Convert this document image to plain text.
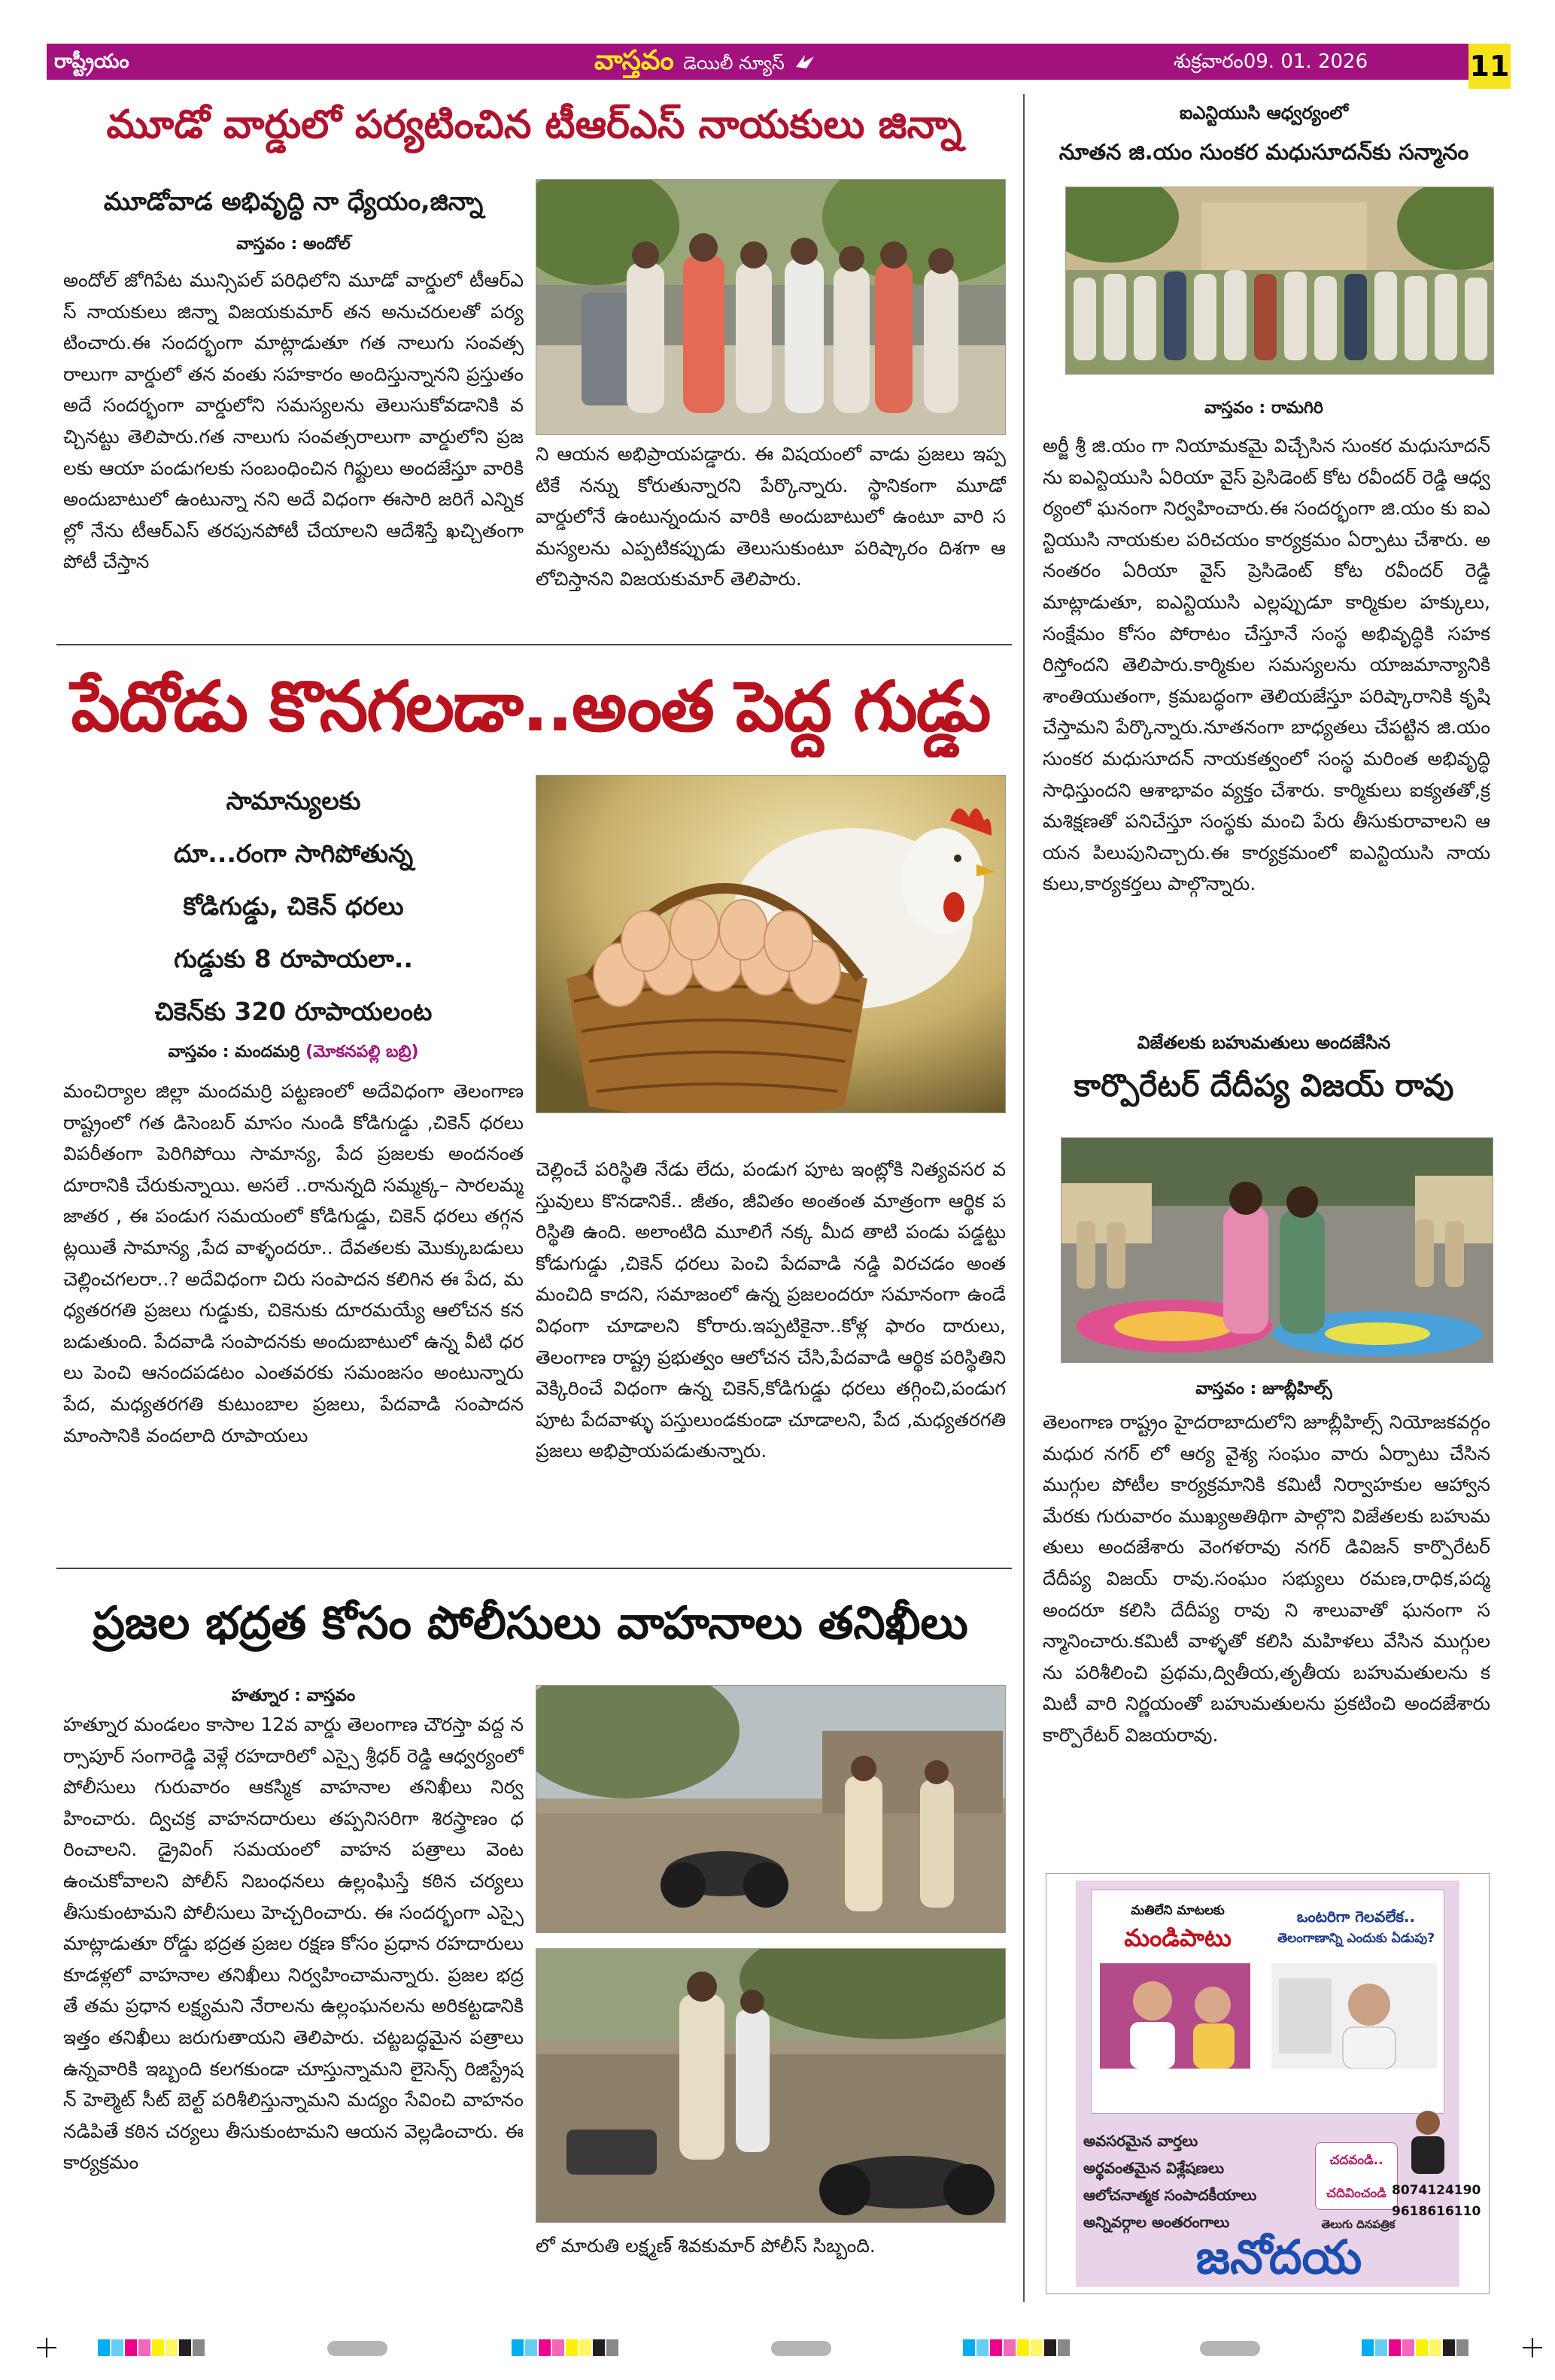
రాష్ట్రీయం	వాస్తవం డెయిలీ న్యూస్	శుక్రవారం09. 01. 2026	11
మూడో వార్డులో పర్యటించిన టీఆర్ఎస్ నాయకులు జిన్నా
మూడోవాడ అభివృద్ధి నా ధ్యేయం,జిన్నా
వాస్తవం : అందోల్
అందోల్ జోగిపేట మున్సిపల్ పరిధిలోని మూడో వార్డులో టీఆర్ఎస్ నాయకులు జిన్నా విజయకుమార్ తన అనుచరులతో పర్యటించారు.ఈ సందర్భంగా మాట్లాడుతూ గత నాలుగు సంవత్సరాలుగా వార్డులో తన వంతు సహకారం అందిస్తున్నానని ప్రస్తుతం అదే సందర్భంగా వార్డులోని సమస్యలను తెలుసుకోవడానికి వచ్చినట్టు తెలిపారు.గత నాలుగు సంవత్సరాలుగా వార్డులోని ప్రజలకు ఆయా పండుగలకు సంబంధించిన గిఫ్టులు అందజేస్తూ వారికి అందుబాటులో ఉంటున్నా నని అదే విధంగా ఈసారి జరిగే ఎన్నికల్లో నేను టీఆర్ఎస్ తరపునపోటీ చేయాలని ఆదేశిస్తే ఖచ్చితంగా పోటీ చేస్తాన
ని ఆయన అభిప్రాయపడ్డారు. ఈ విషయంలో వాడు ప్రజలు ఇప్పటికే నన్ను కోరుతున్నారని పేర్కొన్నారు. స్థానికంగా మూడో వార్డులోనే ఉంటున్నందున వారికి అందుబాటులో ఉంటూ వారి సమస్యలను ఎప్పటికప్పుడు తెలుసుకుంటూ పరిష్కారం దిశగా ఆలోచిస్తానని విజయకుమార్ తెలిపారు.
పేదోడు కొనగలడా..అంత పెద్ద గుడ్డు
సామాన్యులకు
దూ...రంగా సాగిపోతున్న
కోడిగుడ్డు, చికెన్ ధరలు
గుడ్డుకు 8 రూపాయలా..
చికెన్‌కు 320 రూపాయలంట
వాస్తవం : మందమర్రి (మోకనపల్లి బబ్రి)
మంచిర్యాల జిల్లా మందమర్రి పట్టణంలో అదేవిధంగా తెలంగాణ రాష్ట్రంలో గత డిసెంబర్ మాసం నుండి కోడిగుడ్డు ,చికెన్ ధరలు విపరీతంగా పెరిగిపోయి సామాన్య, పేద ప్రజలకు అందనంత దూరానికి చేరుకున్నాయి. అసలే ..రానున్నది సమ్మక్క– సారలమ్మ జాతర , ఈ పండుగ సమయంలో కోడిగుడ్డు, చికెన్ ధరలు తగ్గనట్లయితే సామాన్య ,పేద వాళ్ళందరూ.. దేవతలకు మొక్కుబడులు చెల్లించగలరా..? అదేవిధంగా చిరు సంపాదన కలిగిన ఈ పేద, మధ్యతరగతి ప్రజలు గుడ్డుకు, చికెనుకు దూరమయ్యే ఆలోచన కనబడుతుంది. పేదవాడి సంపాదనకు అందుబాటులో ఉన్న వీటి ధరలు పెంచి ఆనందపడటం ఎంతవరకు సమంజసం అంటున్నారు పేద, మధ్యతరగతి కుటుంబాల ప్రజలు, పేదవాడి సంపాదన మాంసానికి వందలాది రూపాయలు
చెల్లించే పరిస్థితి నేడు లేదు, పండుగ పూట ఇంట్లోకి నిత్యవసర వస్తువులు కొనడానికే.. జీతం, జీవితం అంతంత మాత్రంగా ఆర్థిక పరిస్థితి ఉంది. అలాంటిది మూలిగే నక్క మీద తాటి పండు పడ్డట్టు కోడుగుడ్డు ,చికెన్ ధరలు పెంచి పేదవాడి నడ్డి విరచడం అంత మంచిది కాదని, సమాజంలో ఉన్న ప్రజలందరూ సమానంగా ఉండే విధంగా చూడాలని కోరారు.ఇప్పటికైనా..కోళ్ల ఫారం దారులు, తెలంగాణ రాష్ట్ర ప్రభుత్వం ఆలోచన చేసి,పేదవాడి ఆర్థిక పరిస్థితిని వెక్కిరించే విధంగా ఉన్న చికెన్,కోడిగుడ్డు ధరలు తగ్గించి,పండుగ పూట పేదవాళ్ళు పస్తులుండకుండా చూడాలని, పేద ,మధ్యతరగతి ప్రజలు అభిప్రాయపడుతున్నారు.
ప్రజల భద్రత కోసం పోలీసులు వాహనాలు తనిఖీలు
హత్నూర : వాస్తవం
హత్నూర మండలం కాసాల 12వ వార్డు తెలంగాణ చౌరస్తా వద్ద నర్సాపూర్ సంగారెడ్డి వెళ్లే రహదారిలో ఎస్సై శ్రీధర్ రెడ్డి ఆధ్వర్యంలో పోలీసులు గురువారం ఆకస్మిక వాహనాల తనిఖీలు నిర్వహించారు. ద్విచక్ర వాహనదారులు తప్పనిసరిగా శిరస్త్రాణం ధరించాలని. డ్రైవింగ్ సమయంలో వాహన పత్రాలు వెంట ఉంచుకోవాలని పోలీస్ నిబంధనలు ఉల్లంఘిస్తే కఠిన చర్యలు తీసుకుంటామని పోలీసులు హెచ్చరించారు. ఈ సందర్భంగా ఎస్సై మాట్లాడుతూ రోడ్డు భద్రత ప్రజల రక్షణ కోసం ప్రధాన రహదారులు కూడళ్లలో వాహనాల తనిఖీలు నిర్వహించామన్నారు. ప్రజల భద్రతే తమ ప్రధాన లక్ష్యమని నేరాలను ఉల్లంఘనలను అరికట్టడానికి ఇత్తం తనిఖీలు జరుగుతాయని తెలిపారు. చట్టబద్ధమైన పత్రాలు ఉన్నవారికి ఇబ్బంది కలగకుండా చూస్తున్నామని లైసెన్స్ రిజిస్ట్రేషన్ హెల్మెట్ సీట్ బెల్ట్ పరిశీలిస్తున్నామని మద్యం సేవించి వాహనం నడిపితే కఠిన చర్యలు తీసుకుంటామని ఆయన వెల్లడించారు. ఈ కార్యక్రమం
లో మారుతి లక్ష్మణ్ శివకుమార్ పోలీస్ సిబ్బంది.
ఐఎన్టియుసి ఆధ్వర్యంలో
నూతన జి.యం సుంకర మధుసూదన్‌కు సన్మానం
వాస్తవం : రామగిరి
అర్జీ శ్రీ జి.యం గా నియామకమై విచ్చేసిన సుంకర మధుసూదన్ ను ఐఎన్టియుసి ఏరియా వైస్ ప్రెసిడెంట్ కోట రవీందర్ రెడ్డి ఆధ్వర్యంలో ఘనంగా నిర్వహించారు.ఈ సందర్భంగా జి.యం కు ఐఎన్టియుసి నాయకుల పరిచయం కార్యక్రమం ఏర్పాటు చేశారు. అనంతరం ఏరియా వైస్ ప్రెసిడెంట్ కోట రవీందర్ రెడ్డి మాట్లాడుతూ, ఐఎన్టియుసి ఎల్లప్పుడూ కార్మికుల హక్కులు, సంక్షేమం కోసం పోరాటం చేస్తూనే సంస్థ అభివృద్ధికి సహకరిస్తోందని తెలిపారు.కార్మికుల సమస్యలను యాజమాన్యానికి శాంతియుతంగా, క్రమబద్ధంగా తెలియజేస్తూ పరిష్కారానికి కృషి చేస్తామని పేర్కొన్నారు.నూతనంగా బాధ్యతలు చేపట్టిన జి.యం సుంకర మధుసూదన్ నాయకత్వంలో సంస్థ మరింత అభివృద్ధి సాధిస్తుందని ఆశాభావం వ్యక్తం చేశారు. కార్మికులు ఐక్యతతో,క్రమశిక్షణతో పనిచేస్తూ సంస్థకు మంచి పేరు తీసుకురావాలని ఆయన పిలుపునిచ్చారు.ఈ కార్యక్రమంలో ఐఎన్టియుసి నాయకులు,కార్యకర్తలు పాల్గొన్నారు.
విజేతలకు బహుమతులు అందజేసిన
కార్పొరేటర్ దేదీప్య విజయ్ రావు
వాస్తవం : జూబ్లీహిల్స్
తెలంగాణ రాష్ట్రం హైదరాబాదులోని జూబ్లీహిల్స్ నియోజకవర్గం మధుర నగర్ లో ఆర్య వైశ్య సంఘం వారు ఏర్పాటు చేసిన ముగ్గుల పోటీల కార్యక్రమానికి కమిటీ నిర్వాహకుల ఆహ్వాన మేరకు గురువారం ముఖ్యఅతిథిగా పాల్గొని విజేతలకు బహుమతులు అందజేశారు వెంగళరావు నగర్ డివిజన్ కార్పొరేటర్ దేదీప్య విజయ్ రావు.సంఘం సభ్యులు రమణ,రాధిక,పద్మ అందరూ కలిసి దేదీప్య రావు ని శాలువాతో ఘనంగా సన్మానించారు.కమిటీ వాళ్ళతో కలిసి మహిళలు వేసిన ముగ్గులను పరిశీలించి ప్రథమ,ద్వితీయ,తృతీయ బహుమతులను కమిటీ వారి నిర్ణయంతో బహుమతులను ప్రకటించి అందజేశారు కార్పొరేటర్ విజయరావు.
మతిలేని మాటలకు
మండిపాటు
ఒంటరిగా గెలవలేక..
తెలంగాణాన్ని ఎందుకు ఏడుపు?
అవసరమైన వార్తలు
అర్థవంతమైన విశ్లేషణలు
ఆలోచనాత్మక సంపాదకీయాలు
అన్నివర్గాల అంతరంగాలు
చదవండి.. చదివించండి
తెలుగు దినపత్రిక
8074124190
9618616110
జనోదయ
